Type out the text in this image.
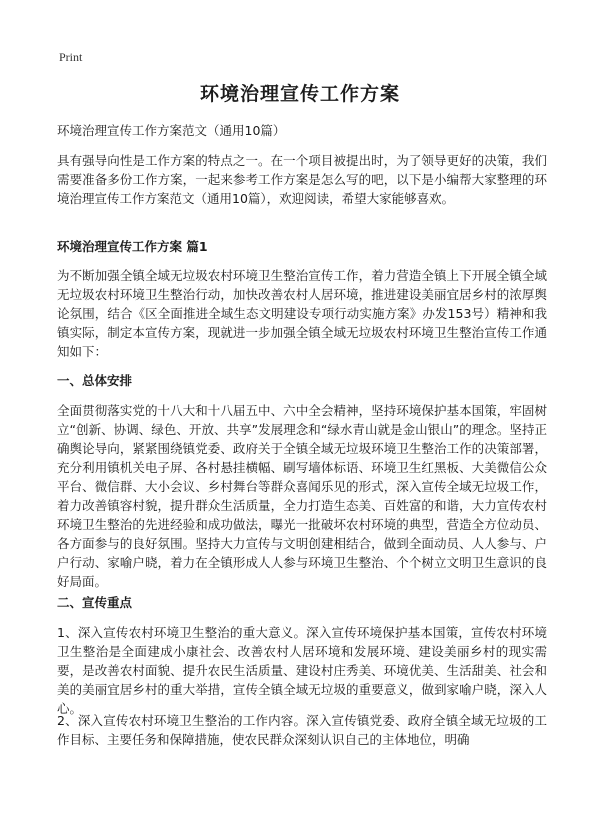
Print
环境治理宣传工作方案

环境治理宣传工作方案范文（通用10篇）

具有强导向性是工作方案的特点之一。在一个项目被提出时，为了领导更好的决策，我们需要准备多份工作方案，一起来参考工作方案是怎么写的吧，以下是小编帮大家整理的环境治理宣传工作方案范文（通用10篇），欢迎阅读，希望大家能够喜欢。

环境治理宣传工作方案 篇1

为不断加强全镇全域无垃圾农村环境卫生整治宣传工作，着力营造全镇上下开展全镇全域无垃圾农村环境卫生整治行动，加快改善农村人居环境，推进建设美丽宜居乡村的浓厚舆论氛围，结合《区全面推进全域生态文明建设专项行动实施方案》办发153号）精神和我镇实际，制定本宣传方案，现就进一步加强全镇全域无垃圾农村环境卫生整治宣传工作通知如下：

一、总体安排

全面贯彻落实党的十八大和十八届五中、六中全会精神，坚持环境保护基本国策，牢固树立“创新、协调、绿色、开放、共享”发展理念和“绿水青山就是金山银山”的理念。坚持正确舆论导向，紧紧围绕镇党委、政府关于全镇全域无垃圾环境卫生整治工作的决策部署，充分利用镇机关电子屏、各村悬挂横幅、刷写墙体标语、环境卫生红黑板、大美微信公众平台、微信群、大小会议、乡村舞台等群众喜闻乐见的形式，深入宣传全域无垃圾工作，着力改善镇容村貌，提升群众生活质量，全力打造生态美、百姓富的和谐，大力宣传农村环境卫生整治的先进经验和成功做法，曝光一批破坏农村环境的典型，营造全方位动员、各方面参与的良好氛围。坚持大力宣传与文明创建相结合，做到全面动员、人人参与、户户行动、家喻户晓，着力在全镇形成人人参与环境卫生整治、个个树立文明卫生意识的良好局面。

二、宣传重点

1、深入宣传农村环境卫生整治的重大意义。深入宣传环境保护基本国策，宣传农村环境卫生整治是全面建成小康社会、改善农村人居环境和发展环境、建设美丽乡村的现实需要，是改善农村面貌、提升农民生活质量、建设村庄秀美、环境优美、生活甜美、社会和美的美丽宜居乡村的重大举措，宣传全镇全域无垃圾的重要意义，做到家喻户晓，深入人心。

2、深入宣传农村环境卫生整治的工作内容。深入宣传镇党委、政府全镇全域无垃圾的工作目标、主要任务和保障措施，使农民群众深刻认识自己的主体地位，明确
